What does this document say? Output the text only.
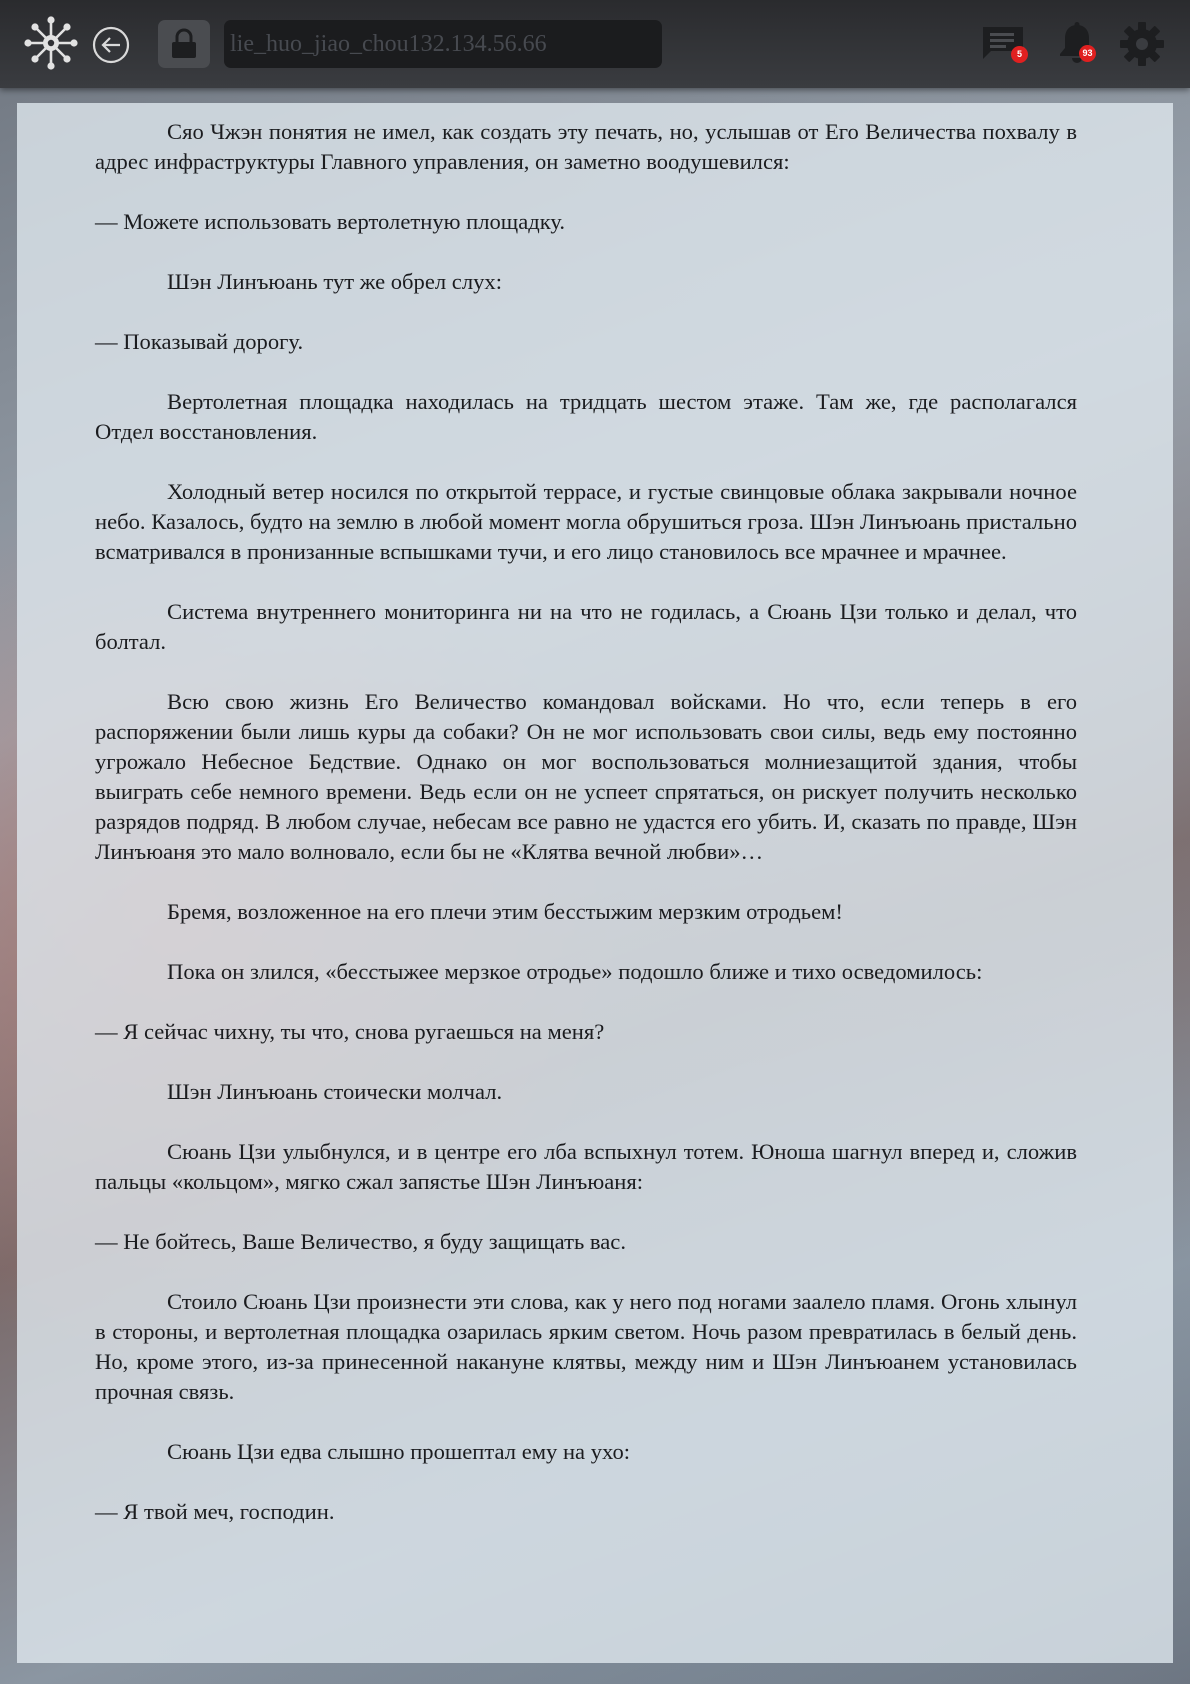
lie_huo_jiao_chou132.134.56.66	5	93

Сяо Чжэн понятия не имел, как создать эту печать, но, услышав от Его Величества похвалу в адрес инфраструктуры Главного управления, он заметно воодушевился:

— Можете использовать вертолетную площадку.

Шэн Линъюань тут же обрел слух:

— Показывай дорогу.

Вертолетная площадка находилась на тридцать шестом этаже. Там же, где располагался Отдел восстановления.

Холодный ветер носился по открытой террасе, и густые свинцовые облака закрывали ночное небо. Казалось, будто на землю в любой момент могла обрушиться гроза. Шэн Линъюань пристально всматривался в пронизанные вспышками тучи, и его лицо становилось все мрачнее и мрачнее.

Система внутреннего мониторинга ни на что не годилась, а Сюань Цзи только и делал, что болтал.

Всю свою жизнь Его Величество командовал войсками. Но что, если теперь в его распоряжении были лишь куры да собаки? Он не мог использовать свои силы, ведь ему постоянно угрожало Небесное Бедствие. Однако он мог воспользоваться молниезащитой здания, чтобы выиграть себе немного времени. Ведь если он не успеет спрятаться, он рискует получить несколько разрядов подряд. В любом случае, небесам все равно не удастся его убить. И, сказать по правде, Шэн Линъюаня это мало волновало, если бы не «Клятва вечной любви»…

Бремя, возложенное на его плечи этим бесстыжим мерзким отродьем!

Пока он злился, «бесстыжее мерзкое отродье» подошло ближе и тихо осведомилось:

— Я сейчас чихну, ты что, снова ругаешься на меня?

Шэн Линъюань стоически молчал.

Сюань Цзи улыбнулся, и в центре его лба вспыхнул тотем. Юноша шагнул вперед и, сложив пальцы «кольцом», мягко сжал запястье Шэн Линъюаня:

— Не бойтесь, Ваше Величество, я буду защищать вас.

Стоило Сюань Цзи произнести эти слова, как у него под ногами заалело пламя. Огонь хлынул в стороны, и вертолетная площадка озарилась ярким светом. Ночь разом превратилась в белый день. Но, кроме этого, из-за принесенной накануне клятвы, между ним и Шэн Линъюанем установилась прочная связь.

Сюань Цзи едва слышно прошептал ему на ухо:

— Я твой меч, господин.
